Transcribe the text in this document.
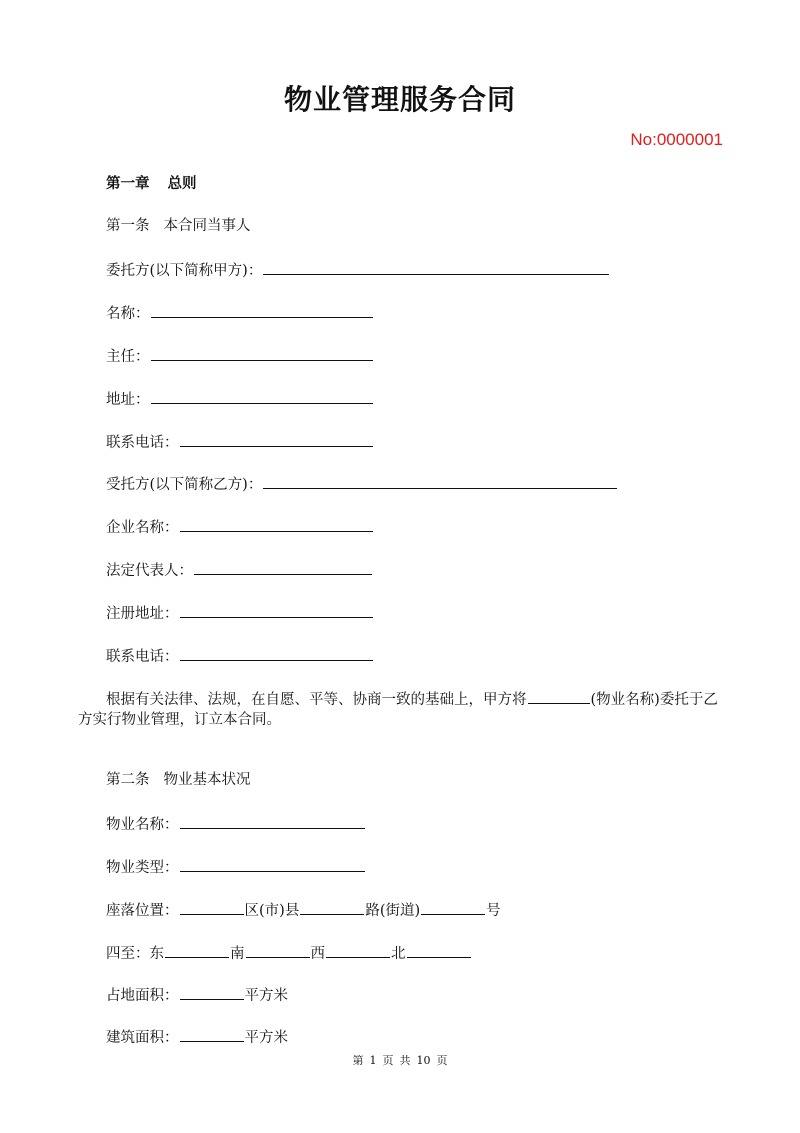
物业管理服务合同
No:0000001
第一章 总则
第一条 本合同当事人
委托方(以下简称甲方)：
名称：
主任：
地址：
联系电话：
受托方(以下简称乙方)：
企业名称：
法定代表人：
注册地址：
联系电话：
根据有关法律、法规，在自愿、平等、协商一致的基础上，甲方将	(物业名称)委托于乙方实行物业管理，订立本合同。
第二条 物业基本状况
物业名称：
物业类型：
座落位置：	区(市)县	路(街道)	号
四至：东	南	西	北
占地面积：	平方米
建筑面积：	平方米
第 1 页 共 10 页
